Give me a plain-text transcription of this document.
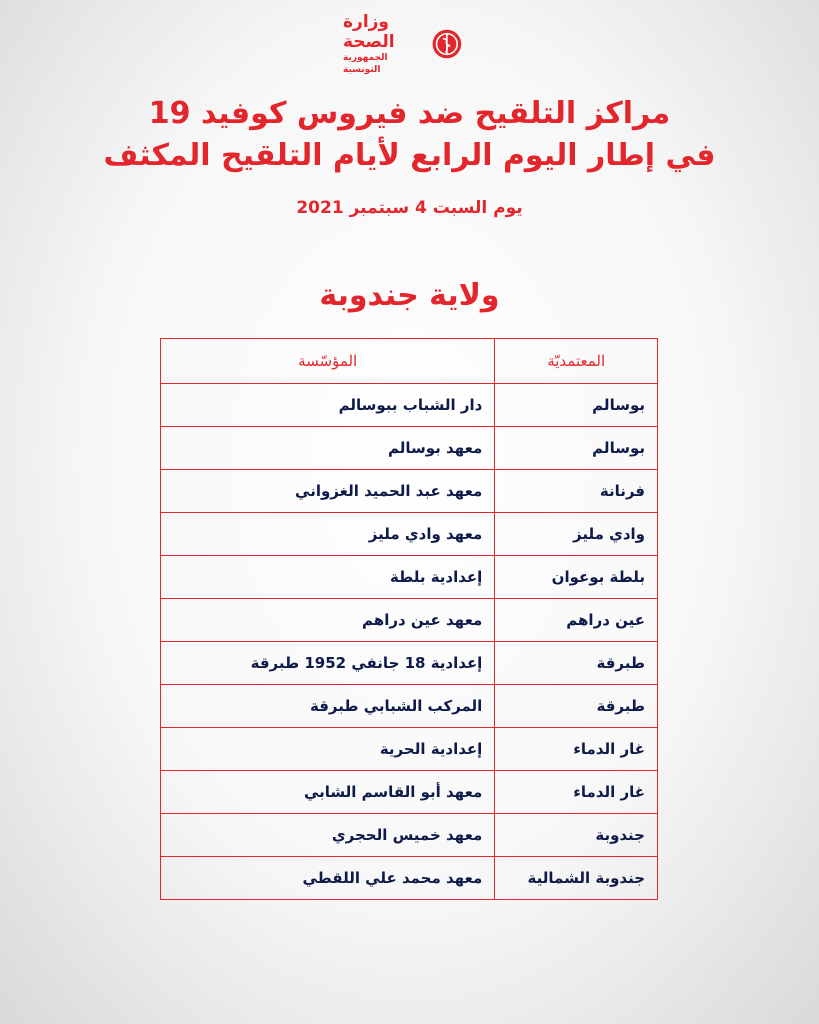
وزارة الصحة
الجمهورية التونسية
مراكز التلقيح ضد فيروس كوفيد 19
في إطار اليوم الرابع لأيام التلقيح المكثف
يوم السبت 4 سبتمبر 2021
ولاية جندوبة
المعتمديّة	المؤسّسة
بوسالم	دار الشباب ببوسالم
بوسالم	معهد بوسالم
فرنانة	معهد عبد الحميد الغزواني
وادي مليز	معهد وادي مليز
بلطة بوعوان	إعدادية بلطة
عين دراهم	معهد عين دراهم
طبرقة	إعدادية 18 جانفي 1952 طبرقة
طبرقة	المركب الشبابي طبرقة
غار الدماء	إعدادية الحرية
غار الدماء	معهد أبو القاسم الشابي
جندوبة	معهد خميس الحجري
جندوبة الشمالية	معهد محمد علي اللقطي
